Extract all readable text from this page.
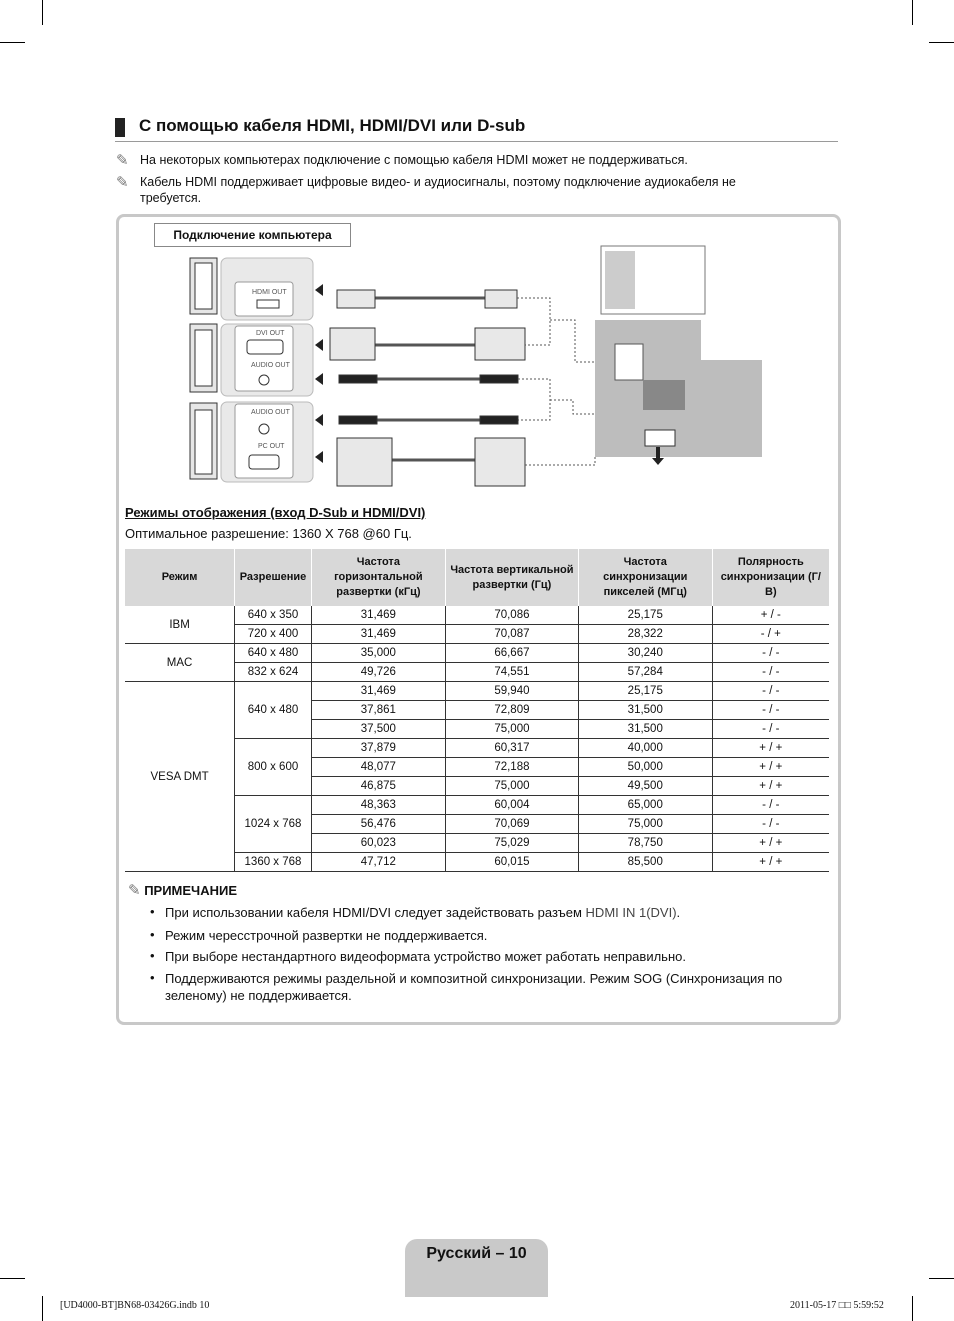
С помощью кабеля HDMI, HDMI/DVI или D-sub
✎ На некоторых компьютерах подключение с помощью кабеля HDMI может не поддерживаться.
✎ Кабель HDMI поддерживает цифровые видео- и аудиосигналы, поэтому подключение аудиокабеля не требуется.
HDMI OUT
DVI OUT
AUDIO OUT
AUDIO OUT
PC OUT
Подключение компьютера
Режимы отображения (вход D-Sub и HDMI/DVI)
Оптимальное разрешение: 1360 X 768 @60 Гц.
Режим	Разрешение	Частота горизонтальной развертки (кГц)	Частота вертикальной развертки (Гц)	Частота синхронизации пикселей (МГц)	Полярность синхронизации (Г/В)
IBM	640 x 350	31,469	70,086	25,175	+ / -
	720 x 400	31,469	70,087	28,322	- / +
MAC	640 x 480	35,000	66,667	30,240	- / -
	832 x 624	49,726	74,551	57,284	- / -
VESA DMT	640 x 480	31,469	59,940	25,175	- / -
		37,861	72,809	31,500	- / -
		37,500	75,000	31,500	- / -
	800 x 600	37,879	60,317	40,000	+ / +
		48,077	72,188	50,000	+ / +
		46,875	75,000	49,500	+ / +
	1024 x 768	48,363	60,004	65,000	- / -
		56,476	70,069	75,000	- / -
		60,023	75,029	78,750	+ / +
	1360 x 768	47,712	60,015	85,500	+ / +
✎ ПРИМЕЧАНИЕ
• При использовании кабеля HDMI/DVI следует задействовать разъем HDMI IN 1(DVI).
• Режим чересстрочной развертки не поддерживается.
• При выборе нестандартного видеоформата устройство может работать неправильно.
• Поддерживаются режимы раздельной и композитной синхронизации. Режим SOG (Синхронизация по зеленому) не поддерживается.
Русский – 10
[UD4000-BT]BN68-03426G.indb 10	2011-05-17 □□ 5:59:52
